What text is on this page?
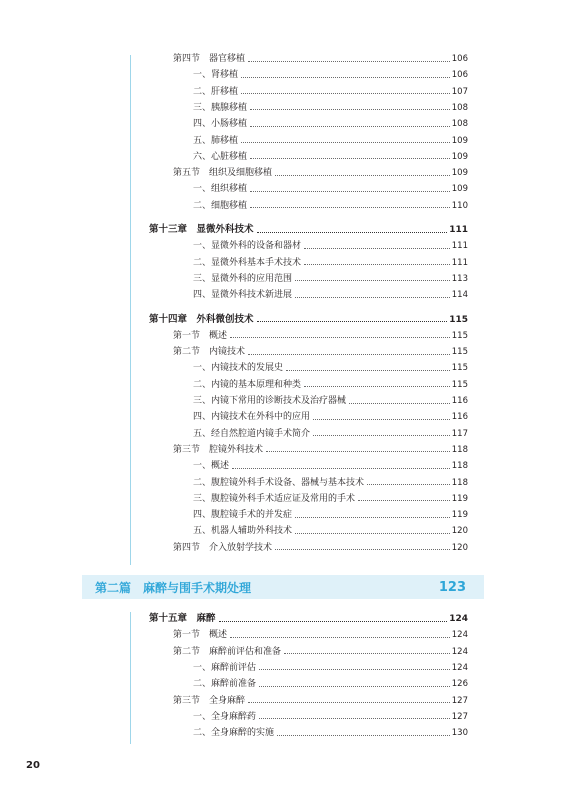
第四节　器官移植	106
一、肾移植	106
二、肝移植	107
三、胰腺移植	108
四、小肠移植	108
五、肺移植	109
六、心脏移植	109
第五节　组织及细胞移植	109
一、组织移植	109
二、细胞移植	110
第十三章　显微外科技术	111
一、显微外科的设备和器材	111
二、显微外科基本手术技术	111
三、显微外科的应用范围	113
四、显微外科技术新进展	114
第十四章　外科微创技术	115
第一节　概述	115
第二节　内镜技术	115
一、内镜技术的发展史	115
二、内镜的基本原理和种类	115
三、内镜下常用的诊断技术及治疗器械	116
四、内镜技术在外科中的应用	116
五、经自然腔道内镜手术简介	117
第三节　腔镜外科技术	118
一、概述	118
二、腹腔镜外科手术设备、器械与基本技术	118
三、腹腔镜外科手术适应证及常用的手术	119
四、腹腔镜手术的并发症	119
五、机器人辅助外科技术	120
第四节　介入放射学技术	120
第二篇　麻醉与围手术期处理	123
第十五章　麻醉	124
第一节　概述	124
第二节　麻醉前评估和准备	124
一、麻醉前评估	124
二、麻醉前准备	126
第三节　全身麻醉	127
一、全身麻醉药	127
二、全身麻醉的实施	130
20
